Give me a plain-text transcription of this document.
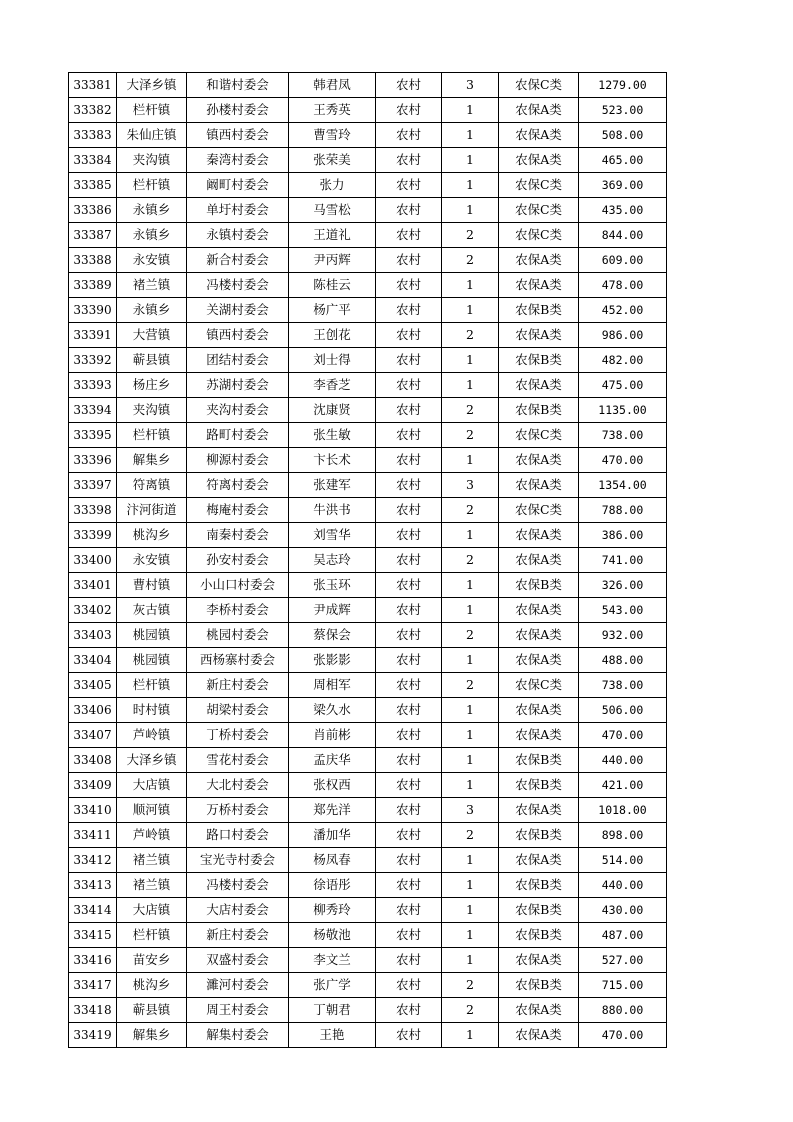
33381	大泽乡镇	和谐村委会	韩君凤	农村	3	农保C类	1279.00
33382	栏杆镇	孙楼村委会	王秀英	农村	1	农保A类	523.00
33383	朱仙庄镇	镇西村委会	曹雪玲	农村	1	农保A类	508.00
33384	夹沟镇	秦湾村委会	张荣美	农村	1	农保A类	465.00
33385	栏杆镇	阚町村委会	张力	农村	1	农保C类	369.00
33386	永镇乡	单圩村委会	马雪松	农村	1	农保C类	435.00
33387	永镇乡	永镇村委会	王道礼	农村	2	农保C类	844.00
33388	永安镇	新合村委会	尹丙辉	农村	2	农保A类	609.00
33389	褚兰镇	冯楼村委会	陈桂云	农村	1	农保A类	478.00
33390	永镇乡	关湖村委会	杨广平	农村	1	农保B类	452.00
33391	大营镇	镇西村委会	王创花	农村	2	农保A类	986.00
33392	蕲县镇	团结村委会	刘士得	农村	1	农保B类	482.00
33393	杨庄乡	苏湖村委会	李香芝	农村	1	农保A类	475.00
33394	夹沟镇	夹沟村委会	沈康贤	农村	2	农保B类	1135.00
33395	栏杆镇	路町村委会	张生敏	农村	2	农保C类	738.00
33396	解集乡	柳源村委会	卞长术	农村	1	农保A类	470.00
33397	符离镇	符离村委会	张建军	农村	3	农保A类	1354.00
33398	汴河街道	梅庵村委会	牛洪书	农村	2	农保C类	788.00
33399	桃沟乡	南秦村委会	刘雪华	农村	1	农保A类	386.00
33400	永安镇	孙安村委会	吴志玲	农村	2	农保A类	741.00
33401	曹村镇	小山口村委会	张玉环	农村	1	农保B类	326.00
33402	灰古镇	李桥村委会	尹成辉	农村	1	农保A类	543.00
33403	桃园镇	桃园村委会	蔡保会	农村	2	农保A类	932.00
33404	桃园镇	西杨寨村委会	张影影	农村	1	农保A类	488.00
33405	栏杆镇	新庄村委会	周相军	农村	2	农保C类	738.00
33406	时村镇	胡梁村委会	梁久水	农村	1	农保A类	506.00
33407	芦岭镇	丁桥村委会	肖前彬	农村	1	农保A类	470.00
33408	大泽乡镇	雪花村委会	孟庆华	农村	1	农保B类	440.00
33409	大店镇	大北村委会	张权西	农村	1	农保B类	421.00
33410	顺河镇	万桥村委会	郑先洋	农村	3	农保A类	1018.00
33411	芦岭镇	路口村委会	潘加华	农村	2	农保B类	898.00
33412	褚兰镇	宝光寺村委会	杨凤春	农村	1	农保A类	514.00
33413	褚兰镇	冯楼村委会	徐语彤	农村	1	农保B类	440.00
33414	大店镇	大店村委会	柳秀玲	农村	1	农保B类	430.00
33415	栏杆镇	新庄村委会	杨敬池	农村	1	农保B类	487.00
33416	苗安乡	双盛村委会	李文兰	农村	1	农保A类	527.00
33417	桃沟乡	濉河村委会	张广学	农村	2	农保B类	715.00
33418	蕲县镇	周王村委会	丁朝君	农村	2	农保A类	880.00
33419	解集乡	解集村委会	王艳	农村	1	农保A类	470.00
